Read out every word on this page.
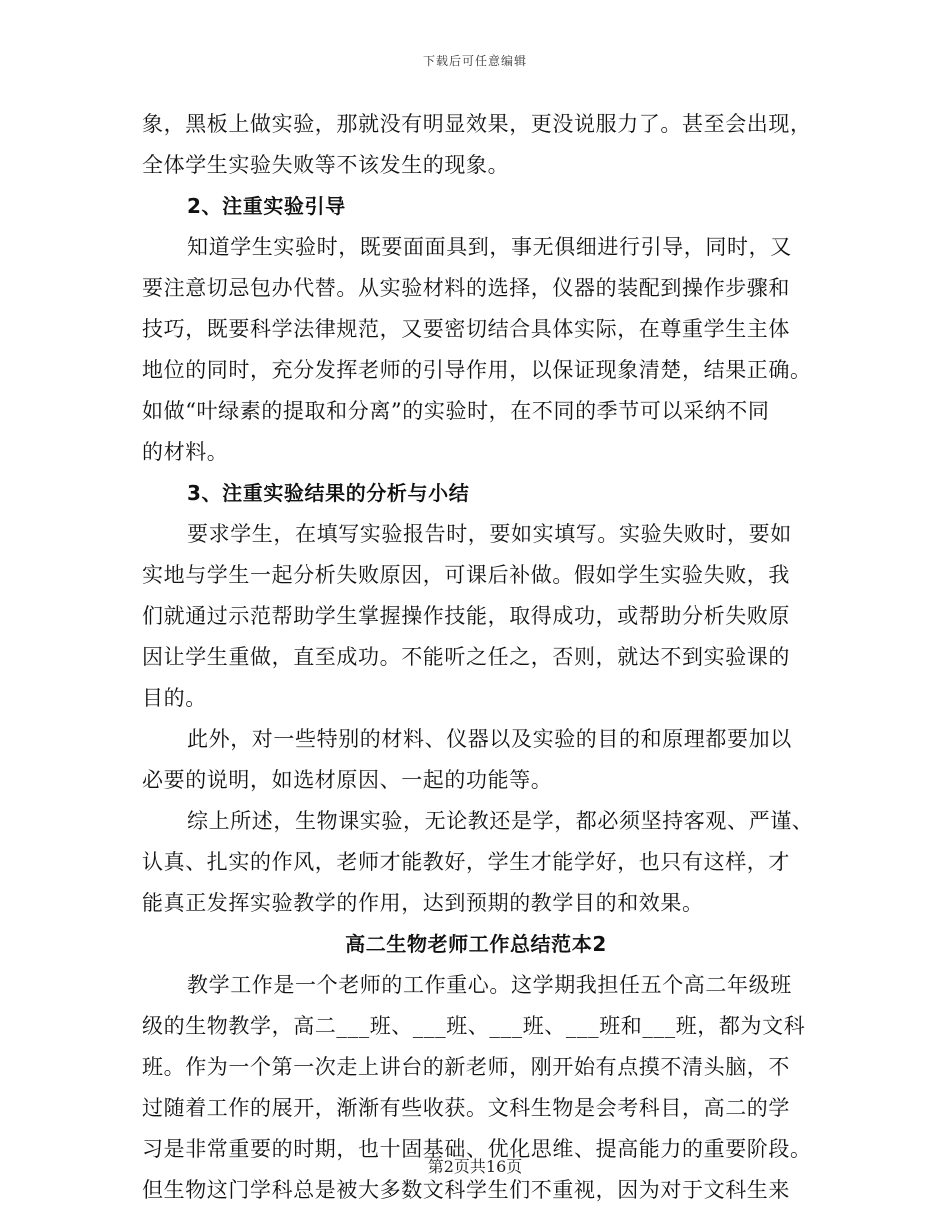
下载后可任意编辑
象，黑板上做实验，那就没有明显效果，更没说服力了。甚至会出现，
全体学生实验失败等不该发生的现象。
2、注重实验引导
知道学生实验时，既要面面具到，事无俱细进行引导，同时，又
要注意切忌包办代替。从实验材料的选择，仪器的装配到操作步骤和
技巧，既要科学法律规范，又要密切结合具体实际，在尊重学生主体
地位的同时，充分发挥老师的引导作用，以保证现象清楚，结果正确。
如做“叶绿素的提取和分离”的实验时，在不同的季节可以采纳不同
的材料。
3、注重实验结果的分析与小结
要求学生，在填写实验报告时，要如实填写。实验失败时，要如
实地与学生一起分析失败原因，可课后补做。假如学生实验失败，我
们就通过示范帮助学生掌握操作技能，取得成功，或帮助分析失败原
因让学生重做，直至成功。不能听之任之，否则，就达不到实验课的
目的。
此外，对一些特别的材料、仪器以及实验的目的和原理都要加以
必要的说明，如选材原因、一起的功能等。
综上所述，生物课实验，无论教还是学，都必须坚持客观、严谨、
认真、扎实的作风，老师才能教好，学生才能学好，也只有这样，才
能真正发挥实验教学的作用，达到预期的教学目的和效果。
高二生物老师工作总结范本2
教学工作是一个老师的工作重心。这学期我担任五个高二年级班
级的生物教学，高二___班、___班、___班、___班和___班，都为文科
班。作为一个第一次走上讲台的新老师，刚开始有点摸不清头脑，不
过随着工作的展开，渐渐有些收获。文科生物是会考科目，高二的学
习是非常重要的时期，也十固基础、优化思维、提高能力的重要阶段。
但生物这门学科总是被大多数文科学生们不重视，因为对于文科生来
第2页共16页
